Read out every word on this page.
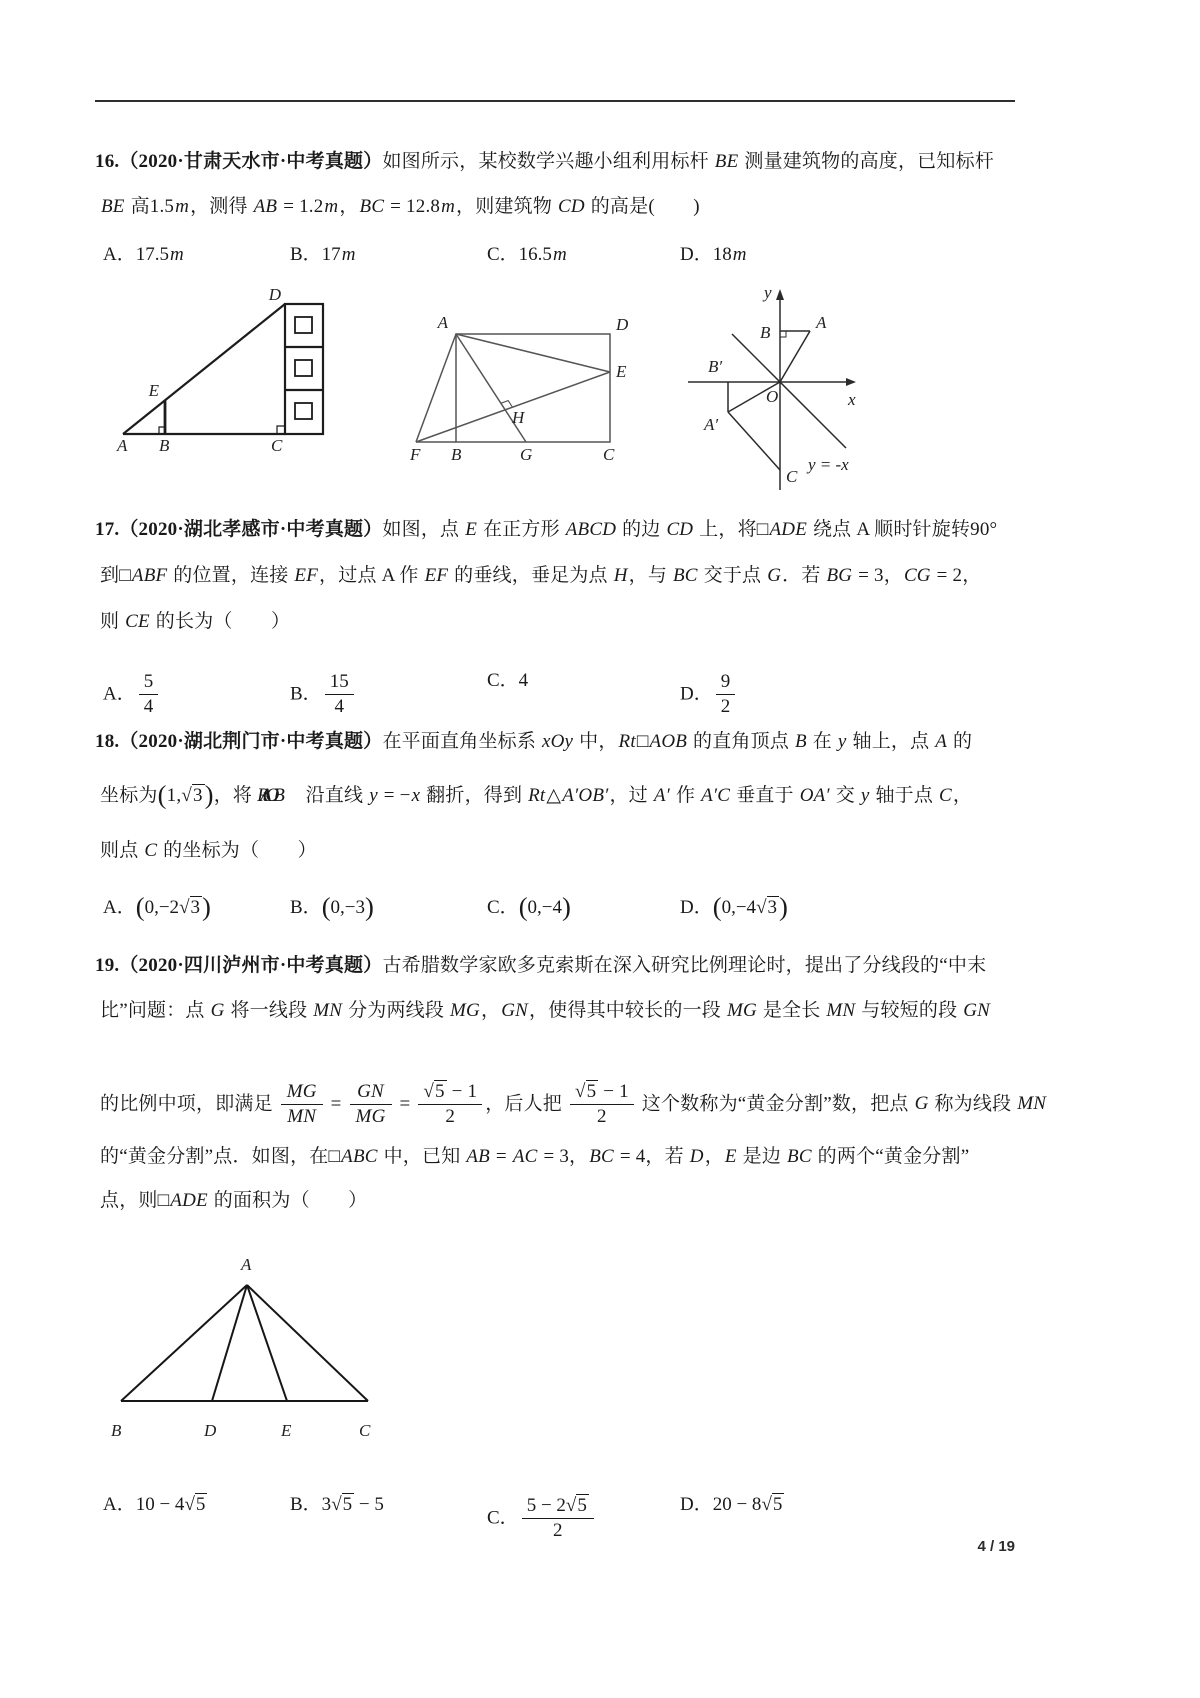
16.（2020·甘肃天水市·中考真题）如图所示，某校数学兴趣小组利用标杆 BE 测量建筑物的高度，已知标杆
BE 高1.5m，测得 AB = 1.2m，BC = 12.8m，则建筑物 CD 的高是(　　)
A．17.5m	B．17m	C．16.5m	D．18m
D
E
A B	C
A	D
E
H
F B	G	C
y
x
O
B
A
B′
A′
C
y = -x
17.（2020·湖北孝感市·中考真题）如图，点 E 在正方形 ABCD 的边 CD 上，将□ADE 绕点 A 顺时针旋转90°
到□ABF 的位置，连接 EF，过点 A 作 EF 的垂线，垂足为点 H，与 BC 交于点 G．若 BG = 3，CG = 2，
则 CE 的长为（　　）
A． $\frac{5}{4}$	B． $\frac{15}{4}$	C．4
D． $\frac{9}{2}$
18.（2020·湖北荆门市·中考真题）在平面直角坐标系 xOy 中，Rt□AOB 的直角顶点 B 在 y 轴上，点 A 的
坐标为(1,√3)，将 Rt AOB　沿直线 y = −x 翻折，得到 Rt△A′OB′，过 A′ 作 A′C 垂直于 OA′ 交 y 轴于点 C，
则点 C 的坐标为（　　）
A．(0,−2√3)	B．(0,−3)	C．(0,−4)	D．(0,−4√3)
19.（2020·四川泸州市·中考真题）古希腊数学家欧多克索斯在深入研究比例理论时，提出了分线段的“中末
比”问题：点 G 将一线段 MN 分为两线段 MG，GN，使得其中较长的一段 MG 是全长 MN 与较短的段 GN
的比例中项，即满足 $\frac{MG}{MN} = \frac{GN}{MG} = \frac{√5 - 1}{2}$ ，后人把 $\frac{√5 - 1}{2}$ 这个数称为“黄金分割”数，把点 G 称为线段 MN
的“黄金分割”点．如图，在□ABC 中，已知 AB = AC = 3，BC = 4，若 D，E 是边 BC 的两个“黄金分割”
点，则□ADE 的面积为（　　）
A
B	D	E	C
A．10 − 4√5	B．3√5 − 5
C． $\frac{5 - 2√5}{2}$	D．20 − 8√5
4 / 19
